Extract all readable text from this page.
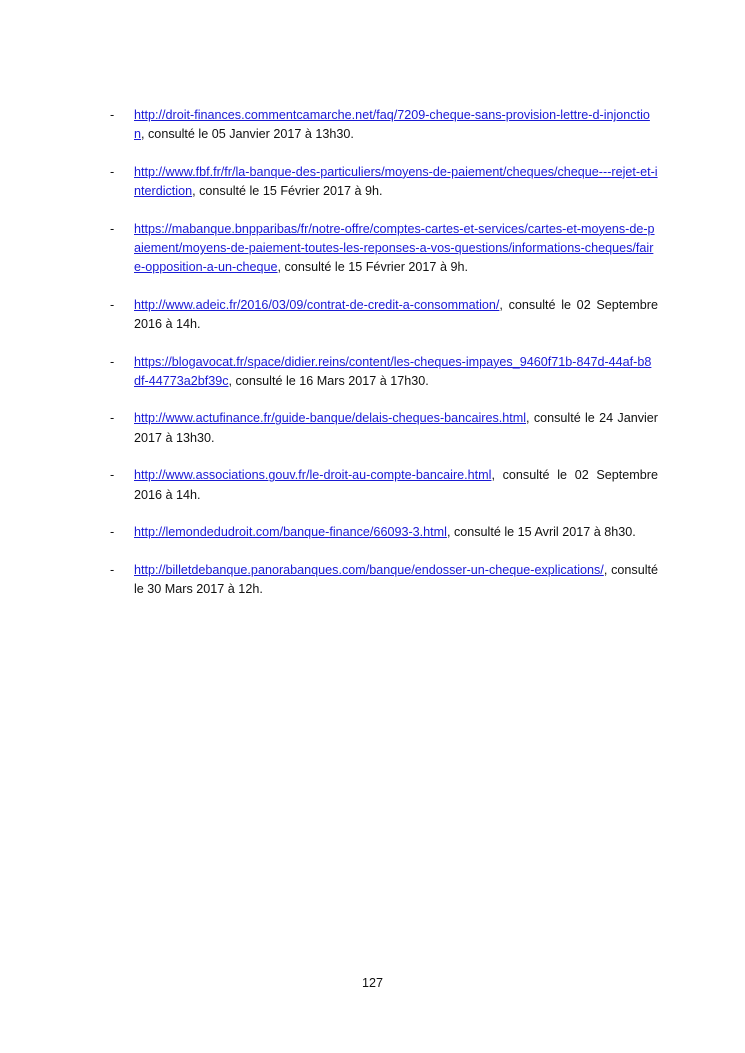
- http://droit-finances.commentcamarche.net/faq/7209-cheque-sans-provision-lettre-d-injonction, consulté le 05 Janvier 2017 à 13h30.
- http://www.fbf.fr/fr/la-banque-des-particuliers/moyens-de-paiement/cheques/cheque---rejet-et-interdiction, consulté le 15 Février 2017 à 9h.
- https://mabanque.bnpparibas/fr/notre-offre/comptes-cartes-et-services/cartes-et-moyens-de-paiement/moyens-de-paiement-toutes-les-reponses-a-vos-questions/informations-cheques/faire-opposition-a-un-cheque, consulté le 15 Février 2017 à 9h.
- http://www.adeic.fr/2016/03/09/contrat-de-credit-a-consommation/, consulté le 02 Septembre 2016 à 14h.
- https://blogavocat.fr/space/didier.reins/content/les-cheques-impayes_9460f71b-847d-44af-b8df-44773a2bf39c, consulté le 16 Mars 2017 à 17h30.
- http://www.actufinance.fr/guide-banque/delais-cheques-bancaires.html, consulté le 24 Janvier 2017 à 13h30.
- http://www.associations.gouv.fr/le-droit-au-compte-bancaire.html, consulté le 02 Septembre 2016 à 14h.
- http://lemondedudroit.com/banque-finance/66093-3.html, consulté le 15 Avril 2017 à 8h30.
- http://billetdebanque.panorabanques.com/banque/endosser-un-cheque-explications/, consulté le 30 Mars 2017 à 12h.
127
